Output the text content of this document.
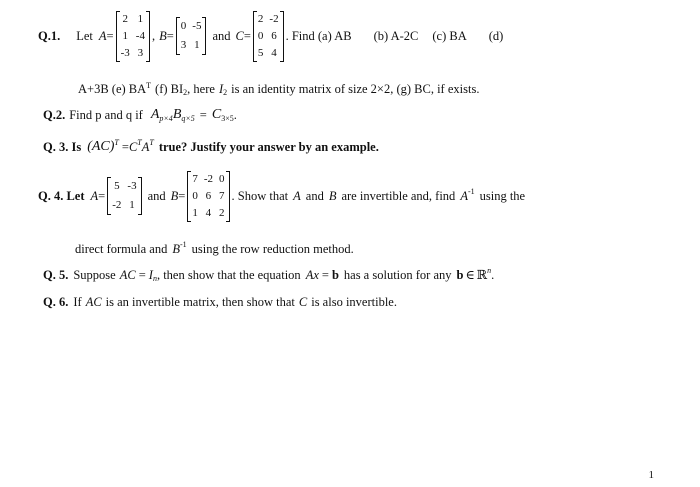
Q.1. Let A =
2 1
1 -4
-3 3
, B =
0 -5
3 1
and C =
2 -2
0 6
5 4
. Find (a) AB (b) A-2C (c) BA (d)
A+3B (e) $BA^T$ (f) $BI_2$ , here $I_2$ is an identity matrix of size 2×2, (g) BC, if exists.
Q.2. Find p and q if $A_{p\times 4}$ $B_{q\times 5} = C_{3\times 5}$ .
Q. 3. Is $(AC)^T = C^T$ $A^T$ true? Justify your answer by an example.
Q. 4. Let A =
5 -3
-2 1
and B =
7 -2 0
0 6 7
1 4 2
. Show that A and B are invertible and, find $A^{-1}$ using the
direct formula and $B^{-1}$ using the row reduction method.
Q. 5. Suppose AC = $I_n$ , then show that the equation Ax = b has a solution for any b ∈ ℝ$^n$ .
Q. 6. If AC is an invertible matrix, then show that C is also invertible.
1
